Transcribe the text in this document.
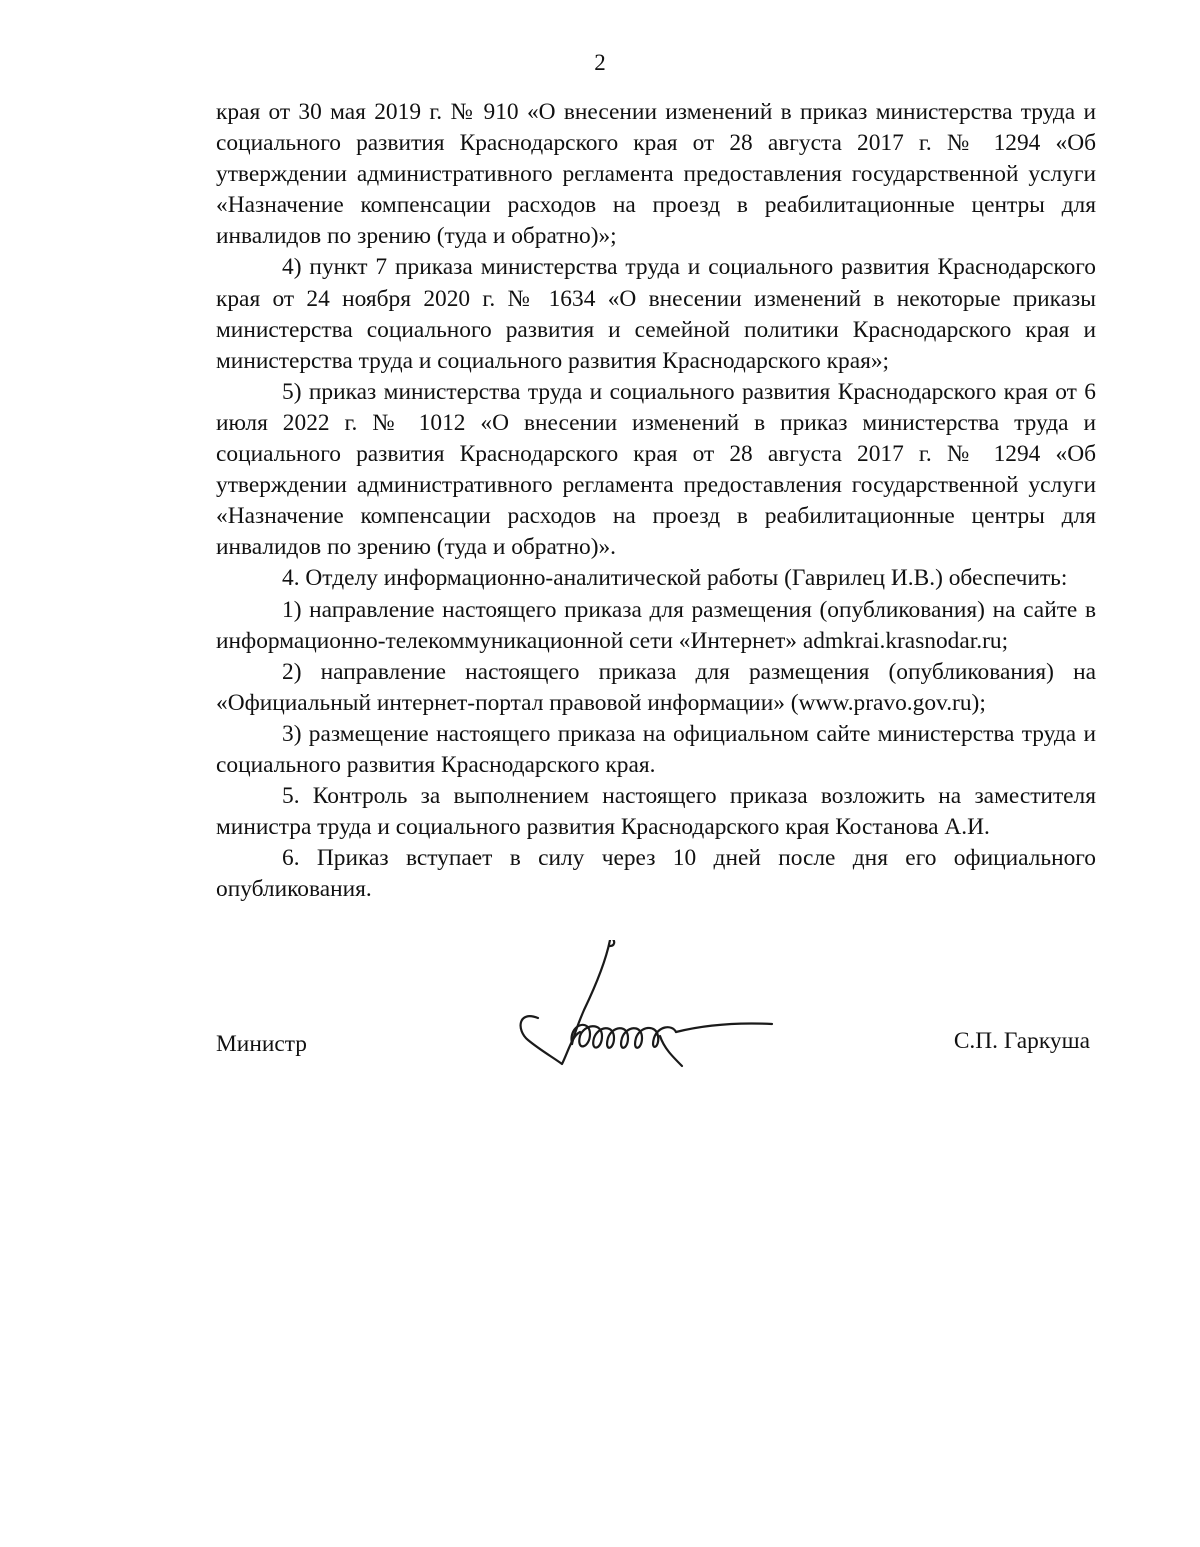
2

края от 30 мая 2019 г. № 910 «О внесении изменений в приказ министерства труда и социального развития Краснодарского края от 28 августа 2017 г. № 1294 «Об утверждении административного регламента предоставления государственной услуги «Назначение компенсации расходов на проезд в реабилитационные центры для инвалидов по зрению (туда и обратно)»;

4) пункт 7 приказа министерства труда и социального развития Краснодарского края от 24 ноября 2020 г. № 1634 «О внесении изменений в некоторые приказы министерства социального развития и семейной политики Краснодарского края и министерства труда и социального развития Краснодарского края»;

5) приказ министерства труда и социального развития Краснодарского края от 6 июля 2022 г. № 1012 «О внесении изменений в приказ министерства труда и социального развития Краснодарского края от 28 августа 2017 г. № 1294 «Об утверждении административного регламента предоставления государственной услуги «Назначение компенсации расходов на проезд в реабилитационные центры для инвалидов по зрению (туда и обратно)».

4. Отделу информационно-аналитической работы (Гаврилец И.В.) обеспечить:

1) направление настоящего приказа для размещения (опубликования) на сайте в информационно-телекоммуникационной сети «Интернет» admkrai.krasnodar.ru;

2) направление настоящего приказа для размещения (опубликования) на «Официальный интернет-портал правовой информации» (www.pravo.gov.ru);

3) размещение настоящего приказа на официальном сайте министерства труда и социального развития Краснодарского края.

5. Контроль за выполнением настоящего приказа возложить на заместителя министра труда и социального развития Краснодарского края Костанова А.И.

6. Приказ вступает в силу через 10 дней после дня его официального опубликования.

Министр	С.П. Гаркуша
